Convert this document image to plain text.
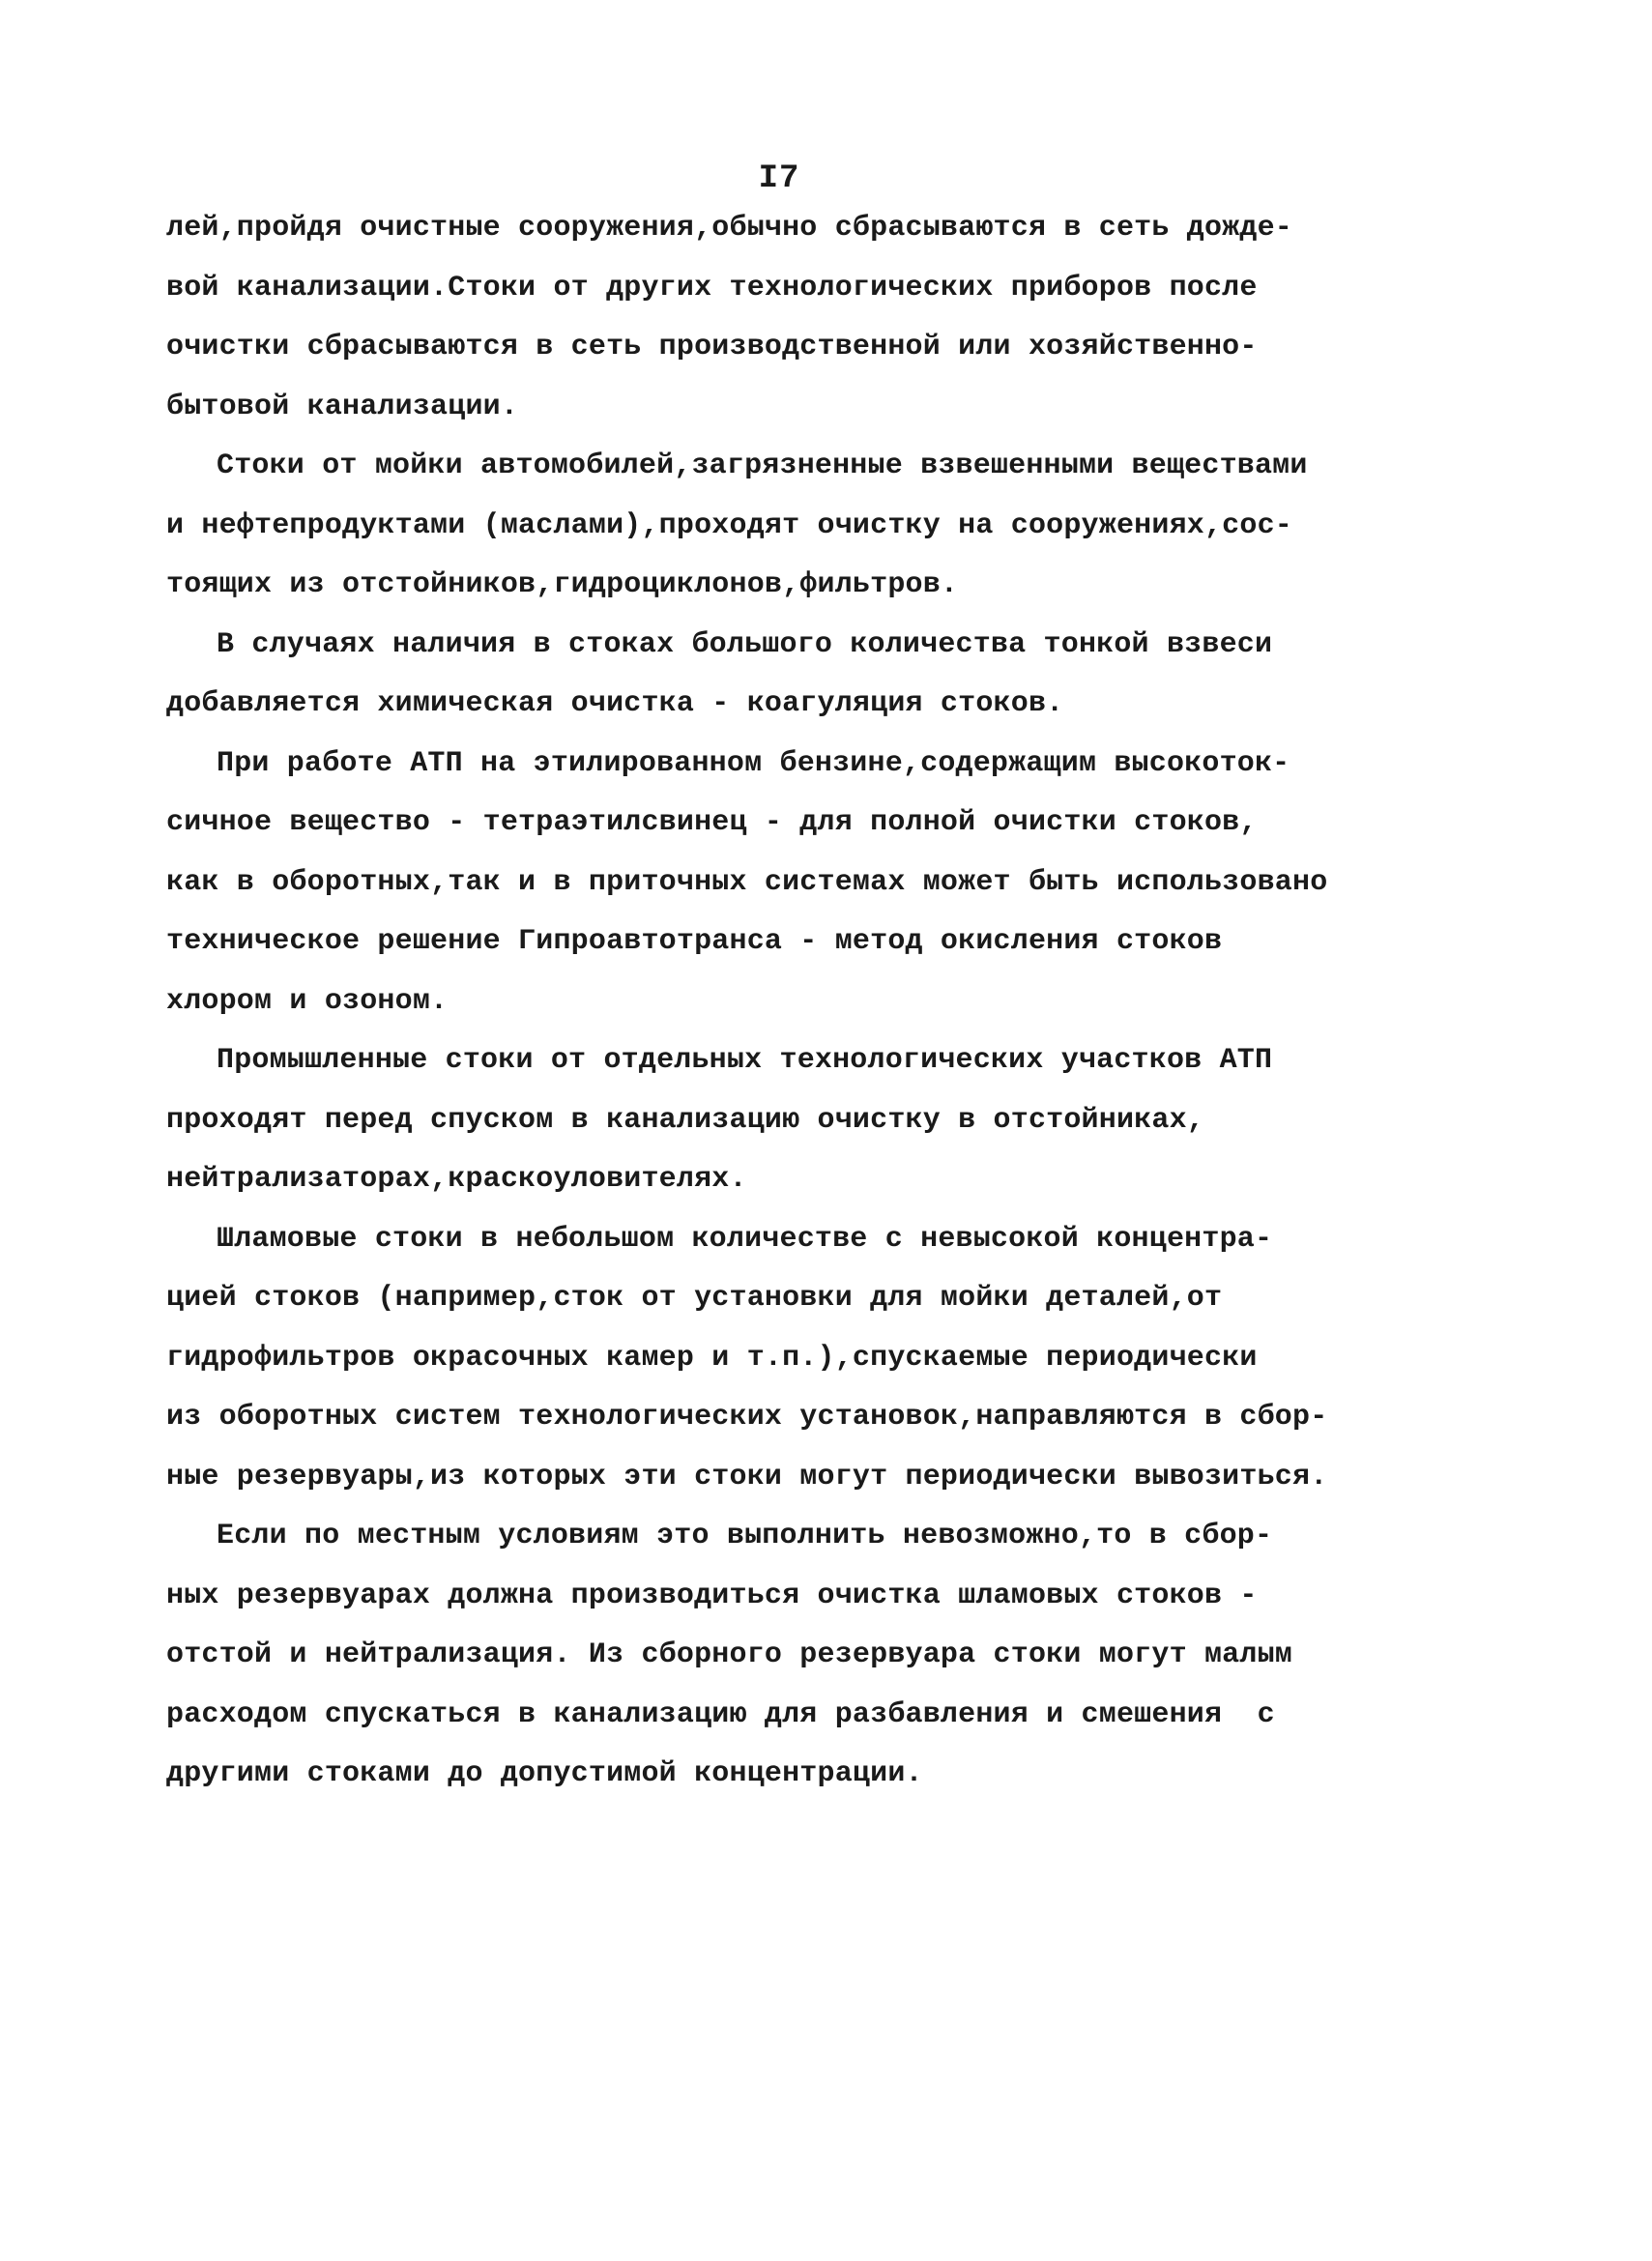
I7
лей,пройдя очистные сооружения,обычно сбрасываются в сеть дожде-
вой канализации.Стоки от других технологических приборов после
очистки сбрасываются в сеть производственной или хозяйственно-
бытовой канализации.
Стоки от мойки автомобилей,загрязненные взвешенными веществами
и нефтепродуктами (маслами),проходят очистку на сооружениях,сос-
тоящих из отстойников,гидроциклонов,фильтров.
В случаях наличия в стоках большого количества тонкой взвеси
добавляется химическая очистка - коагуляция стоков.
При работе АТП на этилированном бензине,содержащим высокоток-
сичное вещество - тетраэтилсвинец - для полной очистки стоков,
как в оборотных,так и в приточных системах может быть использовано
техническое решение Гипроавтотранса - метод окисления стоков
хлором и озоном.
Промышленные стоки от отдельных технологических участков АТП
проходят перед спуском в канализацию очистку в отстойниках,
нейтрализаторах,краскоуловителях.
Шламовые стоки в небольшом количестве с невысокой концентра-
цией стоков (например,сток от установки для мойки деталей,от
гидрофильтров окрасочных камер и т.п.),спускаемые периодически
из оборотных систем технологических установок,направляются в сбор-
ные резервуары,из которых эти стоки могут периодически вывозиться.
Если по местным условиям это выполнить невозможно,то в сбор-
ных резервуарах должна производиться очистка шламовых стоков -
отстой и нейтрализация. Из сборного резервуара стоки могут малым
расходом спускаться в канализацию для разбавления и смешения  с
другими стоками до допустимой концентрации.
